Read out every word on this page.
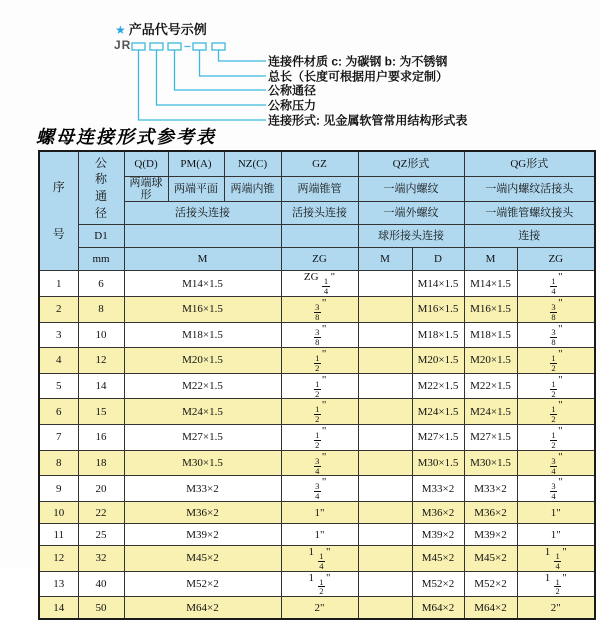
★ 产品代号示例
JR
连接件材质 c: 为碳钢 b: 为不锈钢
总长（长度可根据用户要求定制）
公称通径
公称压力
连接形式: 见金属软管常用结构形式表
螺母连接形式参考表
序号	公称通径	Q(D)	PM(A)	NZ(C)	GZ	QZ形式		QG形式	
		两端球形	两端平面	两端内锥	两端锥管	一端内螺纹		一端内螺纹活接头	
		活接头连接			活接头连接	一端外螺纹		一端锥管螺纹接头	
	D1					球形接头连接		连接	
	mm	M			ZG	M	D	M	ZG
1	6	M14×1.5			ZG $\frac{1}{4}$ "		M14×1.5	M14×1.5	$\frac{1}{4}$ "
2	8	M16×1.5			$\frac{3}{8}$ "		M16×1.5	M16×1.5	$\frac{3}{8}$ "
3	10	M18×1.5			$\frac{3}{8}$ "		M18×1.5	M18×1.5	$\frac{3}{8}$ "
4	12	M20×1.5			$\frac{1}{2}$ "		M20×1.5	M20×1.5	$\frac{1}{2}$ "
5	14	M22×1.5			$\frac{1}{2}$ "		M22×1.5	M22×1.5	$\frac{1}{2}$ "
6	15	M24×1.5			$\frac{1}{2}$ "		M24×1.5	M24×1.5	$\frac{1}{2}$ "
7	16	M27×1.5			$\frac{1}{2}$ "		M27×1.5	M27×1.5	$\frac{1}{2}$ "
8	18	M30×1.5			$\frac{3}{4}$ "		M30×1.5	M30×1.5	$\frac{3}{4}$ "
9	20	M33×2			$\frac{3}{4}$ "		M33×2	M33×2	$\frac{3}{4}$ "
10	22	M36×2			1"		M36×2	M36×2	1"
11	25	M39×2			1"		M39×2	M39×2	1"
12	32	M45×2			$1 \frac{1}{4}$ "		M45×2	M45×2	$1 \frac{1}{4}$ "
13	40	M52×2			$1 \frac{1}{2}$ "		M52×2	M52×2	$1 \frac{1}{2}$ "
14	50	M64×2			2"		M64×2	M64×2	2"
